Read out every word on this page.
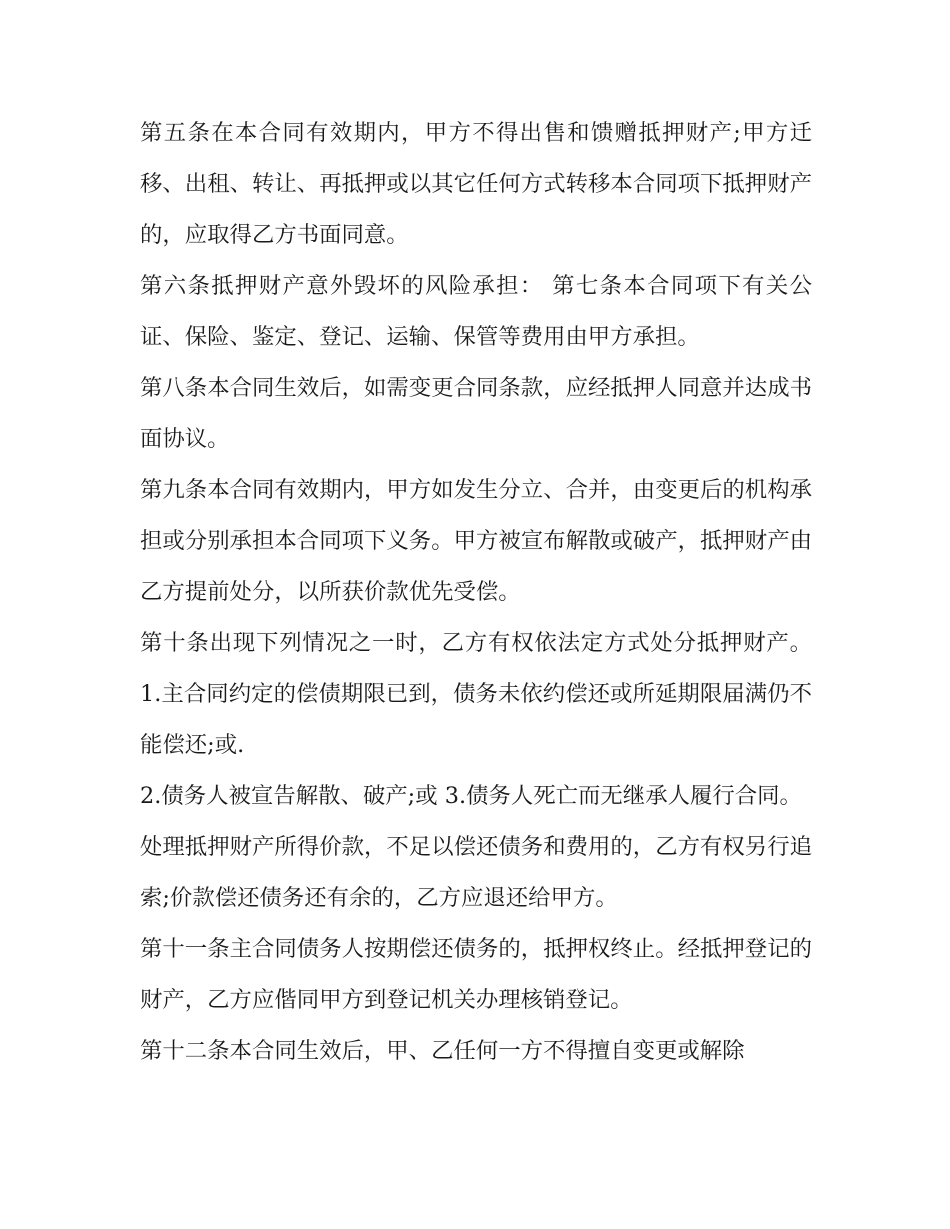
第五条在本合同有效期内，甲方不得出售和馈赠抵押财产;甲方迁移、出租、转让、再抵押或以其它任何方式转移本合同项下抵押财产的，应取得乙方书面同意。

第六条抵押财产意外毁坏的风险承担： 第七条本合同项下有关公证、保险、鉴定、登记、运输、保管等费用由甲方承担。

第八条本合同生效后，如需变更合同条款，应经抵押人同意并达成书面协议。

第九条本合同有效期内，甲方如发生分立、合并，由变更后的机构承担或分别承担本合同项下义务。甲方被宣布解散或破产，抵押财产由乙方提前处分，以所获价款优先受偿。

第十条出现下列情况之一时，乙方有权依法定方式处分抵押财产。 1.主合同约定的偿债期限已到，债务未依约偿还或所延期限届满仍不能偿还;或.

2.债务人被宣告解散、破产;或 3.债务人死亡而无继承人履行合同。

处理抵押财产所得价款，不足以偿还债务和费用的，乙方有权另行追索;价款偿还债务还有余的，乙方应退还给甲方。

第十一条主合同债务人按期偿还债务的，抵押权终止。经抵押登记的财产，乙方应偕同甲方到登记机关办理核销登记。

第十二条本合同生效后，甲、乙任何一方不得擅自变更或解除
